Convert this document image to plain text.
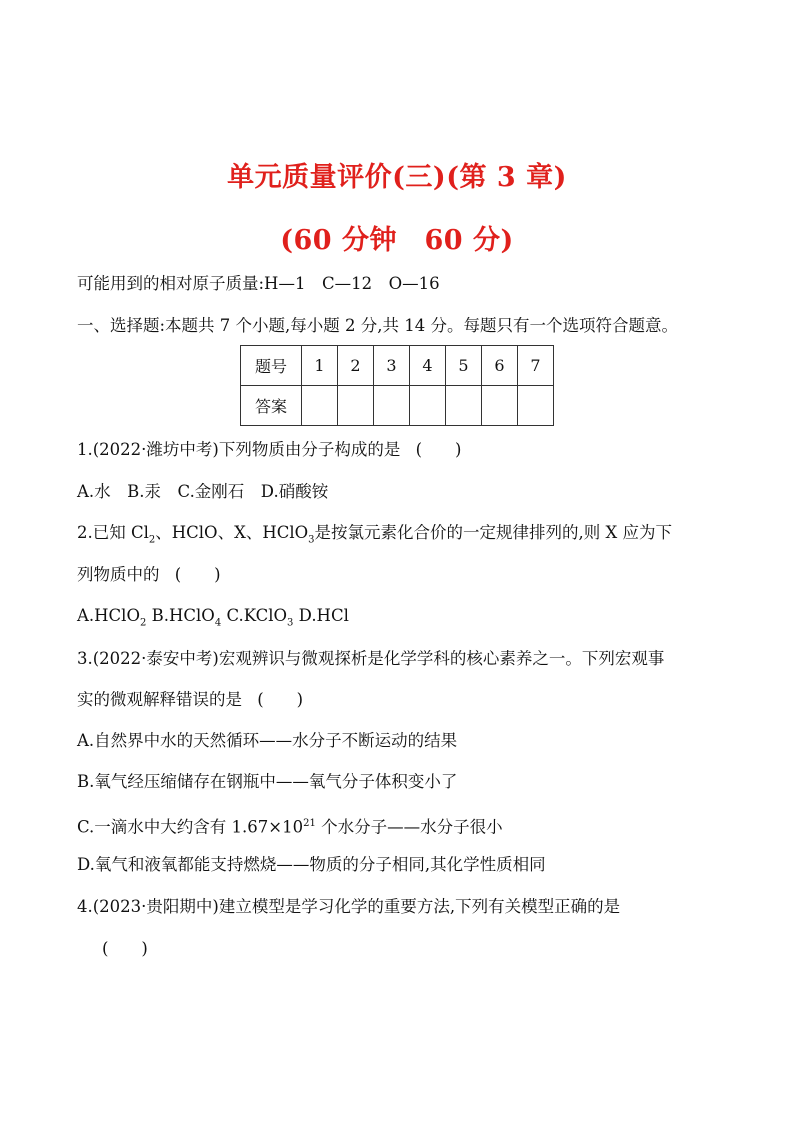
单元质量评价(三)(第 3 章)
(60 分钟　60 分)
可能用到的相对原子质量:H—1　C—12　O—16
一、选择题:本题共 7 个小题,每小题 2 分,共 14 分。每题只有一个选项符合题意。
题号	1	2	3	4	5	6	7
答案							
1.(2022·潍坊中考)下列物质由分子构成的是 (　　)
A.水　B.汞　C.金刚石　D.硝酸铵
2.已知 $Cl_2$、HClO、X、HClO$_3$是按氯元素化合价的一定规律排列的,则 X 应为下
列物质中的 (　　)
A.HClO$_2$ B.HClO$_4$ C.KClO$_3$ D.HCl
3.(2022·泰安中考)宏观辨识与微观探析是化学学科的核心素养之一。下列宏观事
实的微观解释错误的是 (　　)
A.自然界中水的天然循环——水分子不断运动的结果
B.氧气经压缩储存在钢瓶中——氧气分子体积变小了
C.一滴水中大约含有 $1.67\times 10^{21}$ 个水分子——水分子很小
D.氧气和液氧都能支持燃烧——物质的分子相同,其化学性质相同
4.(2023·贵阳期中)建立模型是学习化学的重要方法,下列有关模型正确的是
(　　)
